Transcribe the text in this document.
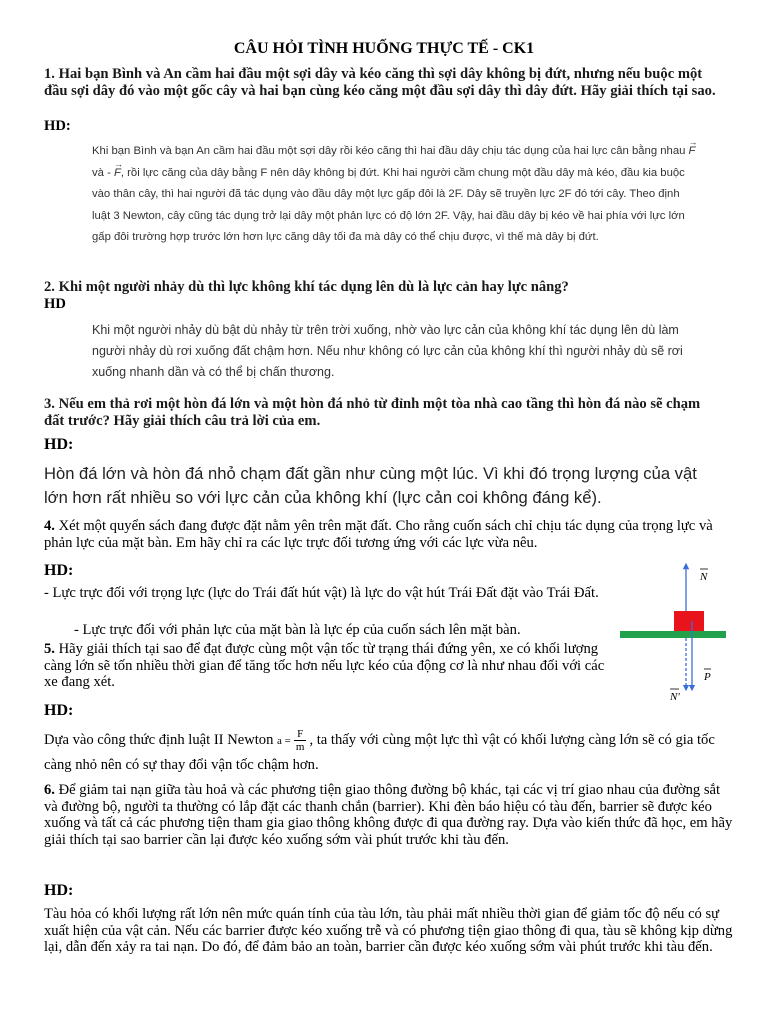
CÂU HỎI TÌNH HUỐNG THỰC TẾ - CK1
1. Hai bạn Bình và An cầm hai đầu một sợi dây và kéo căng thì sợi dây không bị đứt, nhưng nếu buộc một đầu sợi dây đó vào một gốc cây và hai bạn cùng kéo căng một đầu sợi dây thì dây đứt. Hãy giải thích tại sao.
HD:
Khi bạn Bình và bạn An cầm hai đầu một sợi dây rồi kéo căng thì hai đầu dây chịu tác dụng của hai lực cân bằng nhau → F và - → F, rồi lực căng của dây bằng F nên dây không bị đứt. Khi hai người cầm chung một đầu dây mà kéo, đầu kia buộc vào thân cây, thì hai người đã tác dụng vào đầu dây một lực gấp đôi là 2F. Dây sẽ truyền lực 2F đó tới cây. Theo định luật 3 Newton, cây cũng tác dụng trở lại dây một phản lực có độ lớn 2F. Vậy, hai đầu dây bị kéo về hai phía với lực lớn gấp đôi trường hợp trước lớn hơn lực căng dây tối đa mà dây có thể chịu được, vì thế mà dây bị đứt.
2. Khi một người nhảy dù thì lực không khí tác dụng lên dù là lực cản hay lực nâng?
HD
Khi một người nhảy dù bật dù nhảy từ trên trời xuống, nhờ vào lực cản của không khí tác dụng lên dù làm người nhảy dù rơi xuống đất chậm hơn. Nếu như không có lực cản của không khí thì người nhảy dù sẽ rơi xuống nhanh dần và có thể bị chấn thương.
3. Nếu em thả rơi một hòn đá lớn và một hòn đá nhỏ từ đỉnh một tòa nhà cao tầng thì hòn đá nào sẽ chạm đất trước? Hãy giải thích câu trả lời của em.
HD:
Hòn đá lớn và hòn đá nhỏ chạm đất gần như cùng một lúc. Vì khi đó trọng lượng của vật lớn hơn rất nhiều so với lực cản của không khí (lực cản coi không đáng kể).
4. Xét một quyển sách đang được đặt nằm yên trên mặt đất. Cho rằng cuốn sách chỉ chịu tác dụng của trọng lực và phản lực của mặt bàn. Em hãy chỉ ra các lực trực đối tương ứng với các lực vừa nêu.
HD:
- Lực trực đối với trọng lực (lực do Trái đất hút vật) là lực do vật hút Trái Đất đặt vào Trái Đất.
- Lực trực đối với phản lực của mặt bàn là lực ép của cuốn sách lên mặt bàn.
N
P
N'
5. Hãy giải thích tại sao để đạt được cùng một vận tốc từ trạng thái đứng yên, xe có khối lượng càng lớn sẽ tốn nhiều thời gian để tăng tốc hơn nếu lực kéo của động cơ là như nhau đối với các xe đang xét.
HD:
Dựa vào công thức định luật II Newton $a = \frac{F}{m}$ , ta thấy với cùng một lực thì vật có khối lượng càng lớn sẽ có gia tốc càng nhỏ nên có sự thay đổi vận tốc chậm hơn.
6. Để giảm tai nạn giữa tàu hoả và các phương tiện giao thông đường bộ khác, tại các vị trí giao nhau của đường sắt và đường bộ, người ta thường có lắp đặt các thanh chắn (barrier). Khi đèn báo hiệu có tàu đến, barrier sẽ được kéo xuống và tất cả các phương tiện tham gia giao thông không được đi qua đường ray. Dựa vào kiến thức đã học, em hãy giải thích tại sao barrier cần lại được kéo xuống sớm vài phút trước khi tàu đến.
HD:
Tàu hỏa có khối lượng rất lớn nên mức quán tính của tàu lớn, tàu phải mất nhiều thời gian để giảm tốc độ nếu có sự xuất hiện của vật cản. Nếu các barrier được kéo xuống trễ và có phương tiện giao thông đi qua, tàu sẽ không kịp dừng lại, dẫn đến xảy ra tai nạn. Do đó, để đảm bảo an toàn, barrier cần được kéo xuống sớm vài phút trước khi tàu đến.
